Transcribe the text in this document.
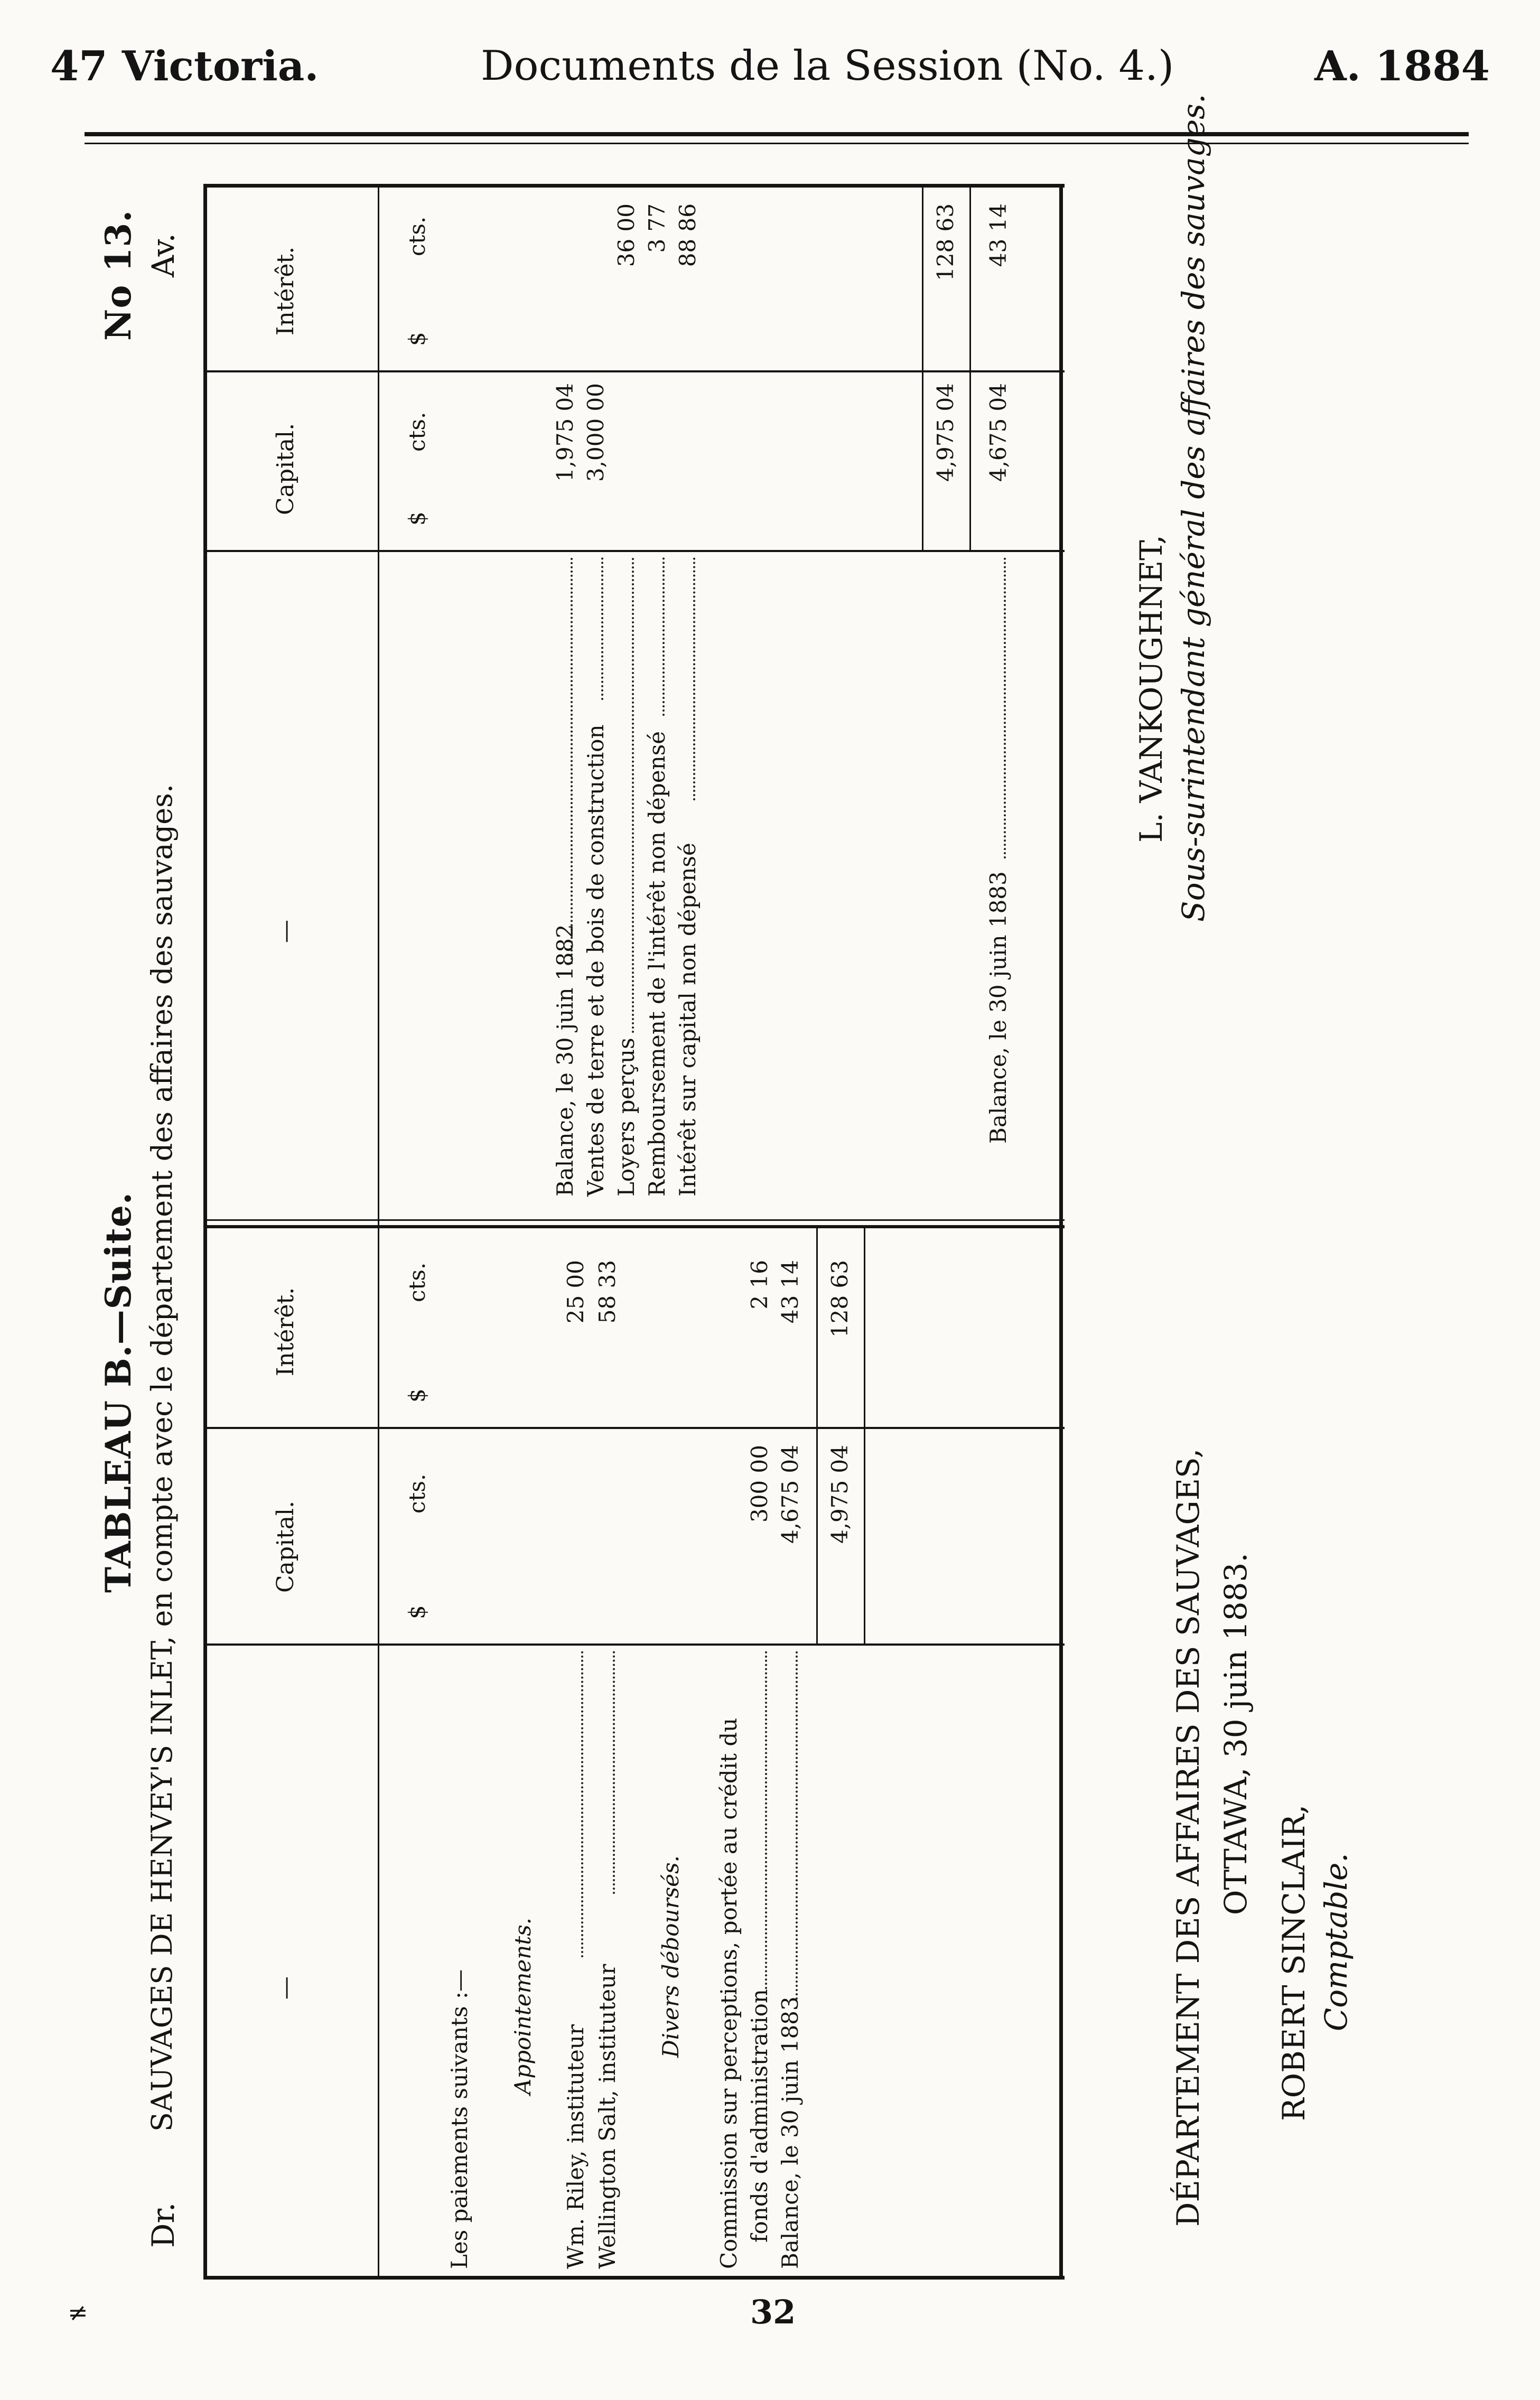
47 Victoria.	Documents de la Session (No. 4.)	A. 1884
TABLEAU B.—Suite. SAUVAGES DE HENVEY'S INLET, en compte avec le département des affaires des sauvages.
No 13.
Dr.
Av.
—
Capital.
Intérêt.
—
Capital.
Intérêt.
$
cts.
$
cts.
$
cts.
$
cts.
Les paiements suivants :— Appointements.
Wm. Riley, instituteur
25 00
Wellington Salt, instituteur
58 33
Divers déboursés. Commission sur perceptions, portée au crédit du fonds d'administration
300 00
2 16
Balance, le 30 juin 1883
4,675 04
43 14
4,975 04
128 63
Balance, le 30 juin 1882
1,975 04
Ventes de terre et de bois de construction
3,000 00
Loyers perçus
36 00
Remboursement de l'intérêt non dépensé
3 77
Intérêt sur capital non dépensé
88 86
4,975 04
128 63
Balance, le 30 juin 1883
4,675 04
43 14
DÉPARTEMENT DES AFFAIRES DES SAUVAGES, OTTAWA, 30 juin 1883.
ROBERT SINCLAIR, Comptable.
L. VANKOUGHNET, Sous-surintendant général des affaires des sauvages.
32
≠
